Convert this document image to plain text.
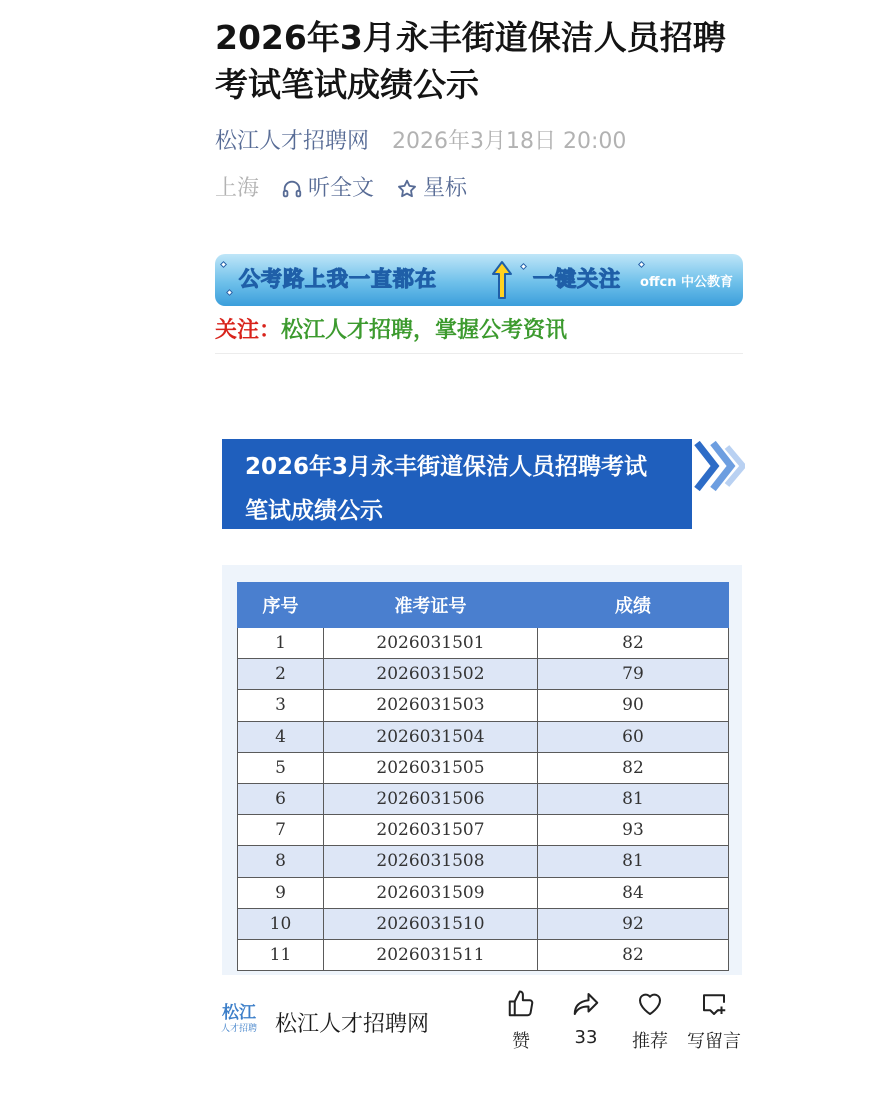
2026年3月永丰街道保洁人员招聘考试笔试成绩公示
松江人才招聘网 2026年3月18日 20:00
上海 听全文 星标
公考路上我一直都在	一键关注 offcn 中公教育
关注：松江人才招聘，掌握公考资讯
2026年3月永丰街道保洁人员招聘考试笔试成绩公示
序号	准考证号	成绩
1	2026031501	82
2	2026031502	79
3	2026031503	90
4	2026031504	60
5	2026031505	82
6	2026031506	81
7	2026031507	93
8	2026031508	81
9	2026031509	84
10	2026031510	92
11	2026031511	82
松江
人才招聘 松江人才招聘网
赞	33	推荐 写留言
